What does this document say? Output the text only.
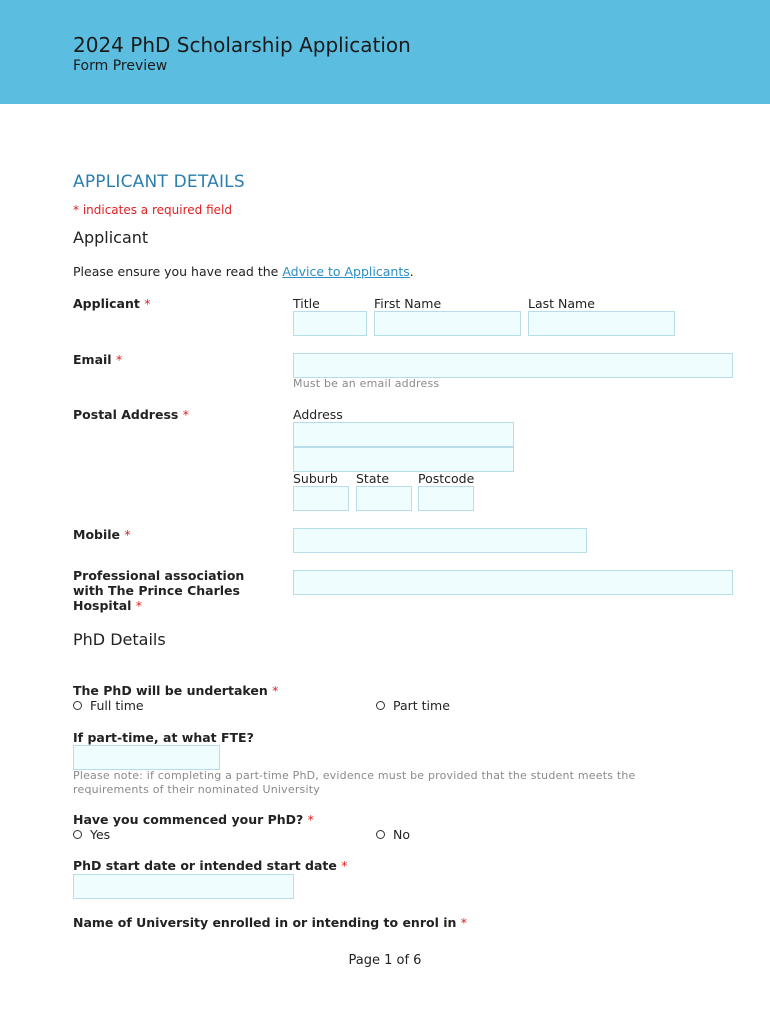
2024 PhD Scholarship Application
Form Preview
APPLICANT DETAILS
* indicates a required field
Applicant
Please ensure you have read the Advice to Applicants.
Applicant *	Title	First Name	Last Name
Email *
Must be an email address
Postal Address *	Address
Suburb State Postcode
Mobile *
Professional association
with The Prince Charles
Hospital *
PhD Details
The PhD will be undertaken *
Full time	Part time
If part-time, at what FTE?
Please note: if completing a part-time PhD, evidence must be provided that the student meets the
requirements of their nominated University
Have you commenced your PhD? *
Yes	No
PhD start date or intended start date *
Name of University enrolled in or intending to enrol in *
Page 1 of 6
